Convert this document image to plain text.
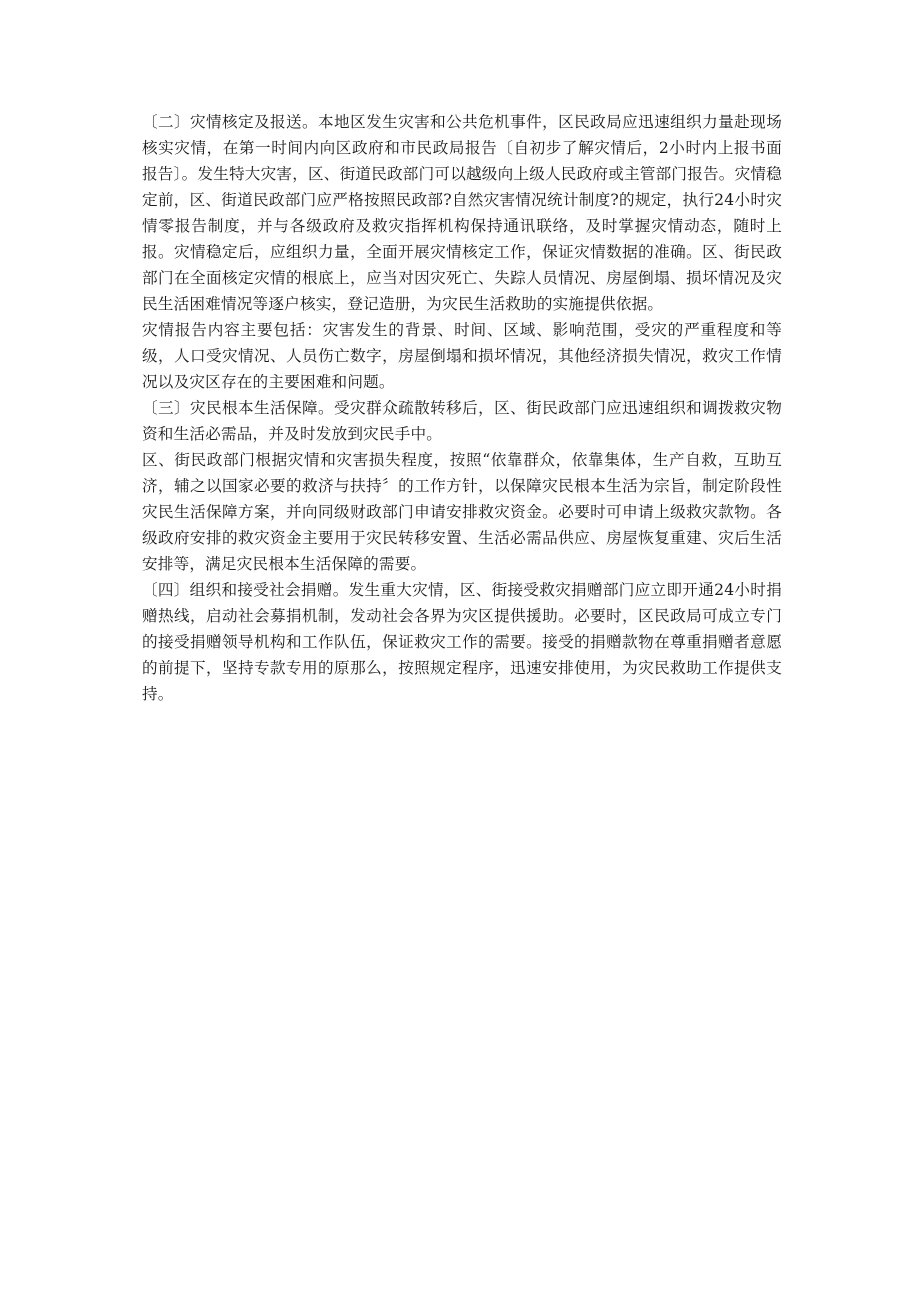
〔二〕灾情核定及报送。本地区发生灾害和公共危机事件，区民政局应迅速组织力量赴现场核实灾情，在第一时间内向区政府和市民政局报告〔自初步了解灾情后，2小时内上报书面报告〕。发生特大灾害，区、街道民政部门可以越级向上级人民政府或主管部门报告。灾情稳定前，区、街道民政部门应严格按照民政部?自然灾害情况统计制度?的规定，执行24小时灾情零报告制度，并与各级政府及救灾指挥机构保持通讯联络，及时掌握灾情动态，随时上报。灾情稳定后，应组织力量，全面开展灾情核定工作，保证灾情数据的准确。区、街民政部门在全面核定灾情的根底上，应当对因灾死亡、失踪人员情况、房屋倒塌、损坏情况及灾民生活困难情况等逐户核实，登记造册，为灾民生活救助的实施提供依据。

灾情报告内容主要包括：灾害发生的背景、时间、区域、影响范围，受灾的严重程度和等级，人口受灾情况、人员伤亡数字，房屋倒塌和损坏情况，其他经济损失情况，救灾工作情况以及灾区存在的主要困难和问题。

〔三〕灾民根本生活保障。受灾群众疏散转移后，区、街民政部门应迅速组织和调拨救灾物资和生活必需品，并及时发放到灾民手中。

区、街民政部门根据灾情和灾害损失程度，按照“依靠群众，依靠集体，生产自救，互助互济，辅之以国家必要的救济与扶持〞的工作方针，以保障灾民根本生活为宗旨，制定阶段性灾民生活保障方案，并向同级财政部门申请安排救灾资金。必要时可申请上级救灾款物。各级政府安排的救灾资金主要用于灾民转移安置、生活必需品供应、房屋恢复重建、灾后生活安排等，满足灾民根本生活保障的需要。

〔四〕组织和接受社会捐赠。发生重大灾情，区、街接受救灾捐赠部门应立即开通24小时捐赠热线，启动社会募捐机制，发动社会各界为灾区提供援助。必要时，区民政局可成立专门的接受捐赠领导机构和工作队伍，保证救灾工作的需要。接受的捐赠款物在尊重捐赠者意愿的前提下，坚持专款专用的原那么，按照规定程序，迅速安排使用，为灾民救助工作提供支持。
